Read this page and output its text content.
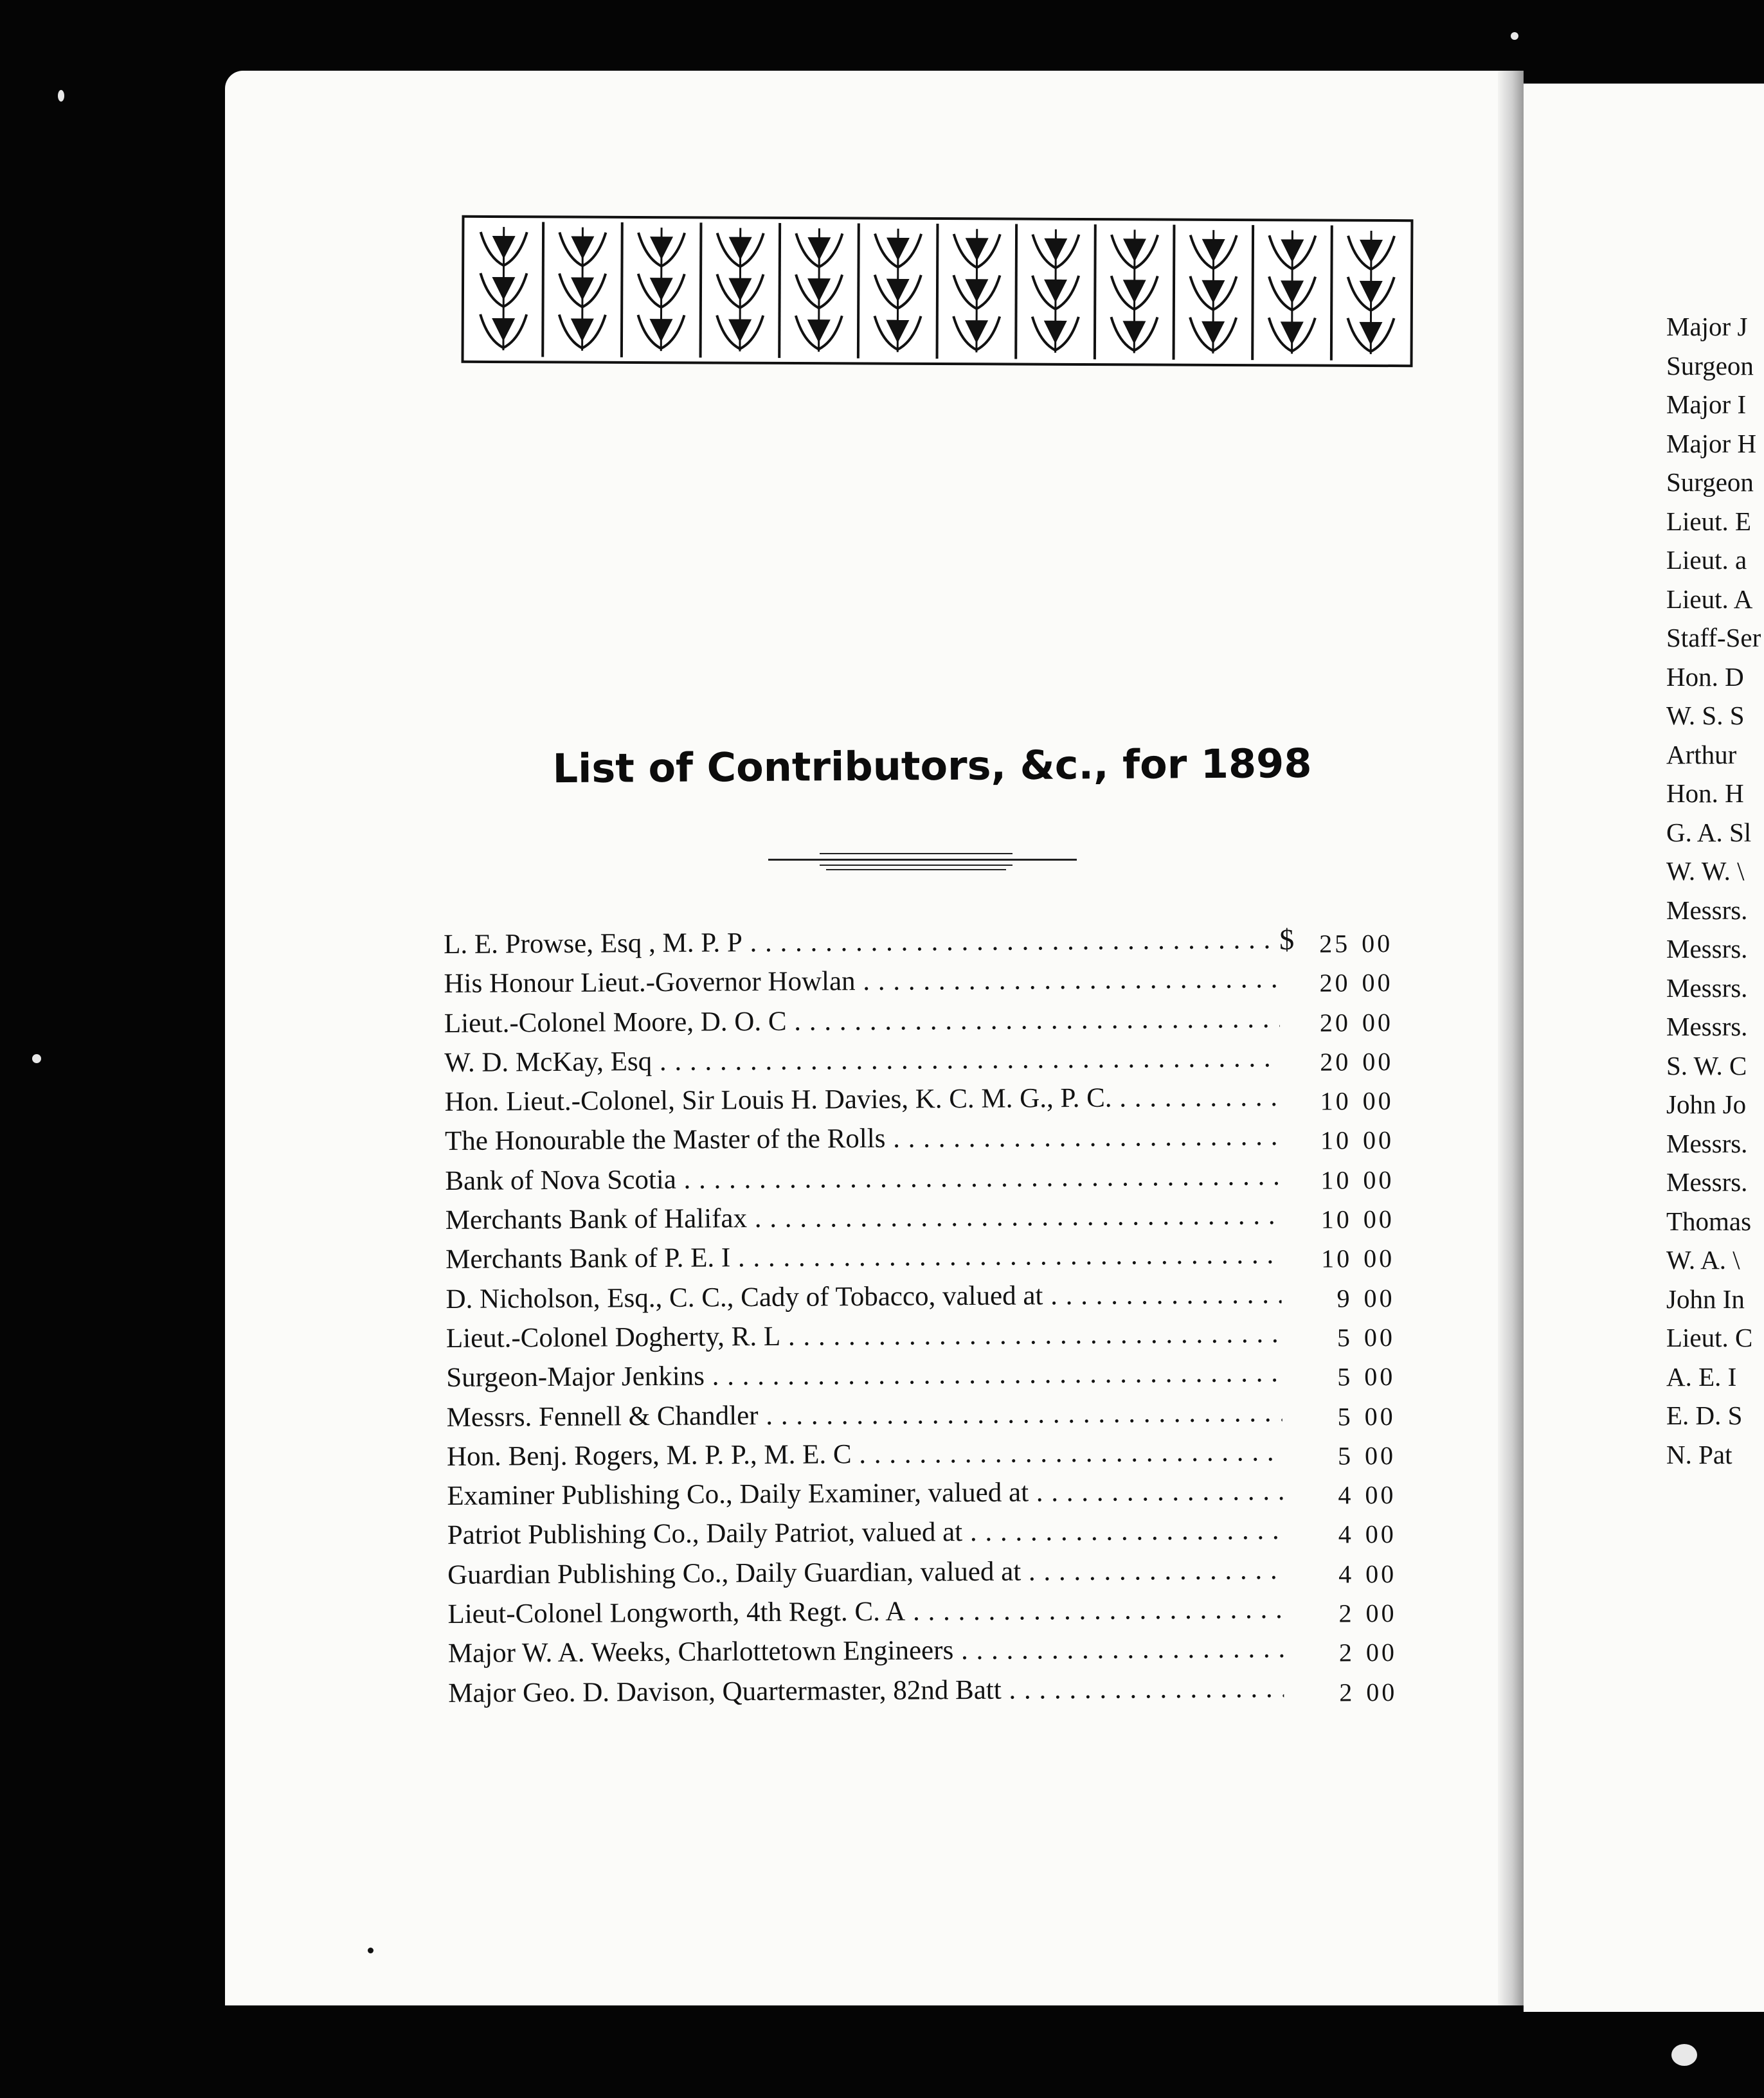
List of Contributors, &c., for 1898
L. E. Prowse, Esq , M. P. P . . .	$ 25 00
His Honour Lieut.-Governor Howlan . . .	20 00
Lieut.-Colonel Moore, D. O. C . . .	20 00
W. D. McKay, Esq . . .	20 00
Hon. Lieut.-Colonel, Sir Louis H. Davies, K. C. M. G., P. C. . . .	10 00
The Honourable the Master of the Rolls . . .	10 00
Bank of Nova Scotia . . .	10 00
Merchants Bank of Halifax . . .	10 00
Merchants Bank of P. E. I . . .	10 00
D. Nicholson, Esq., C. C., Cady of Tobacco, valued at . . .	9 00
Lieut.-Colonel Dogherty, R. L . . .	5 00
Surgeon-Major Jenkins . . .	5 00
Messrs. Fennell & Chandler . . .	5 00
Hon. Benj. Rogers, M. P. P., M. E. C . . .	5 00
Examiner Publishing Co., Daily Examiner, valued at . . .	4 00
Patriot Publishing Co., Daily Patriot, valued at . . .	4 00
Guardian Publishing Co., Daily Guardian, valued at . . .	4 00
Lieut-Colonel Longworth, 4th Regt. C. A . . .	2 00
Major W. A. Weeks, Charlottetown Engineers . . .	2 00
Major Geo. D. Davison, Quartermaster, 82nd Batt . . .	2 00
Major J
Surgeon
Major I
Major H
Surgeon
Lieut. E
Lieut. a
Lieut. A
Staff-Ser
Hon. D
W. S. S
Arthur
Hon. H
G. A. Sl
W. W. \
Messrs.
Messrs.
Messrs.
Messrs.
S. W. C
John Jo
Messrs.
Messrs.
Thomas
W. A. \
John In
Lieut. C
A. E. I
E. D. S
N. Pat
